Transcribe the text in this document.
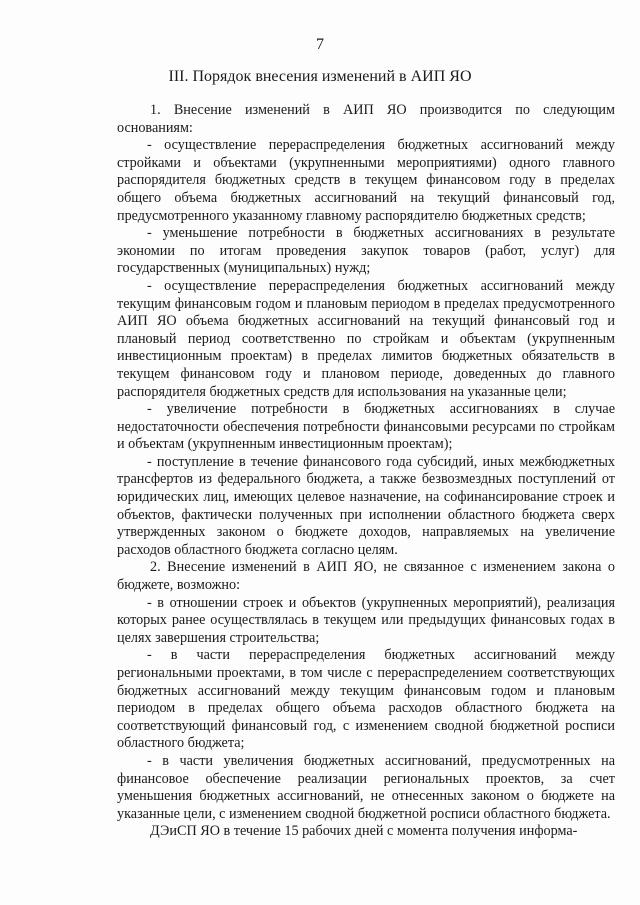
7
III. Порядок внесения изменений в АИП ЯО

1. Внесение изменений в АИП ЯО производится по следующим основаниям:

- осуществление перераспределения бюджетных ассигнований между стройками и объектами (укрупненными мероприятиями) одного главного распорядителя бюджетных средств в текущем финансовом году в пределах общего объема бюджетных ассигнований на текущий финансовый год, предусмотренного указанному главному распорядителю бюджетных средств;

- уменьшение потребности в бюджетных ассигнованиях в результате экономии по итогам проведения закупок товаров (работ, услуг) для государственных (муниципальных) нужд;

- осуществление перераспределения бюджетных ассигнований между текущим финансовым годом и плановым периодом в пределах предусмотренного АИП ЯО объема бюджетных ассигнований на текущий финансовый год и плановый период соответственно по стройкам и объектам (укрупненным инвестиционным проектам) в пределах лимитов бюджетных обязательств в текущем финансовом году и плановом периоде, доведенных до главного распорядителя бюджетных средств для использования на указанные цели;

- увеличение потребности в бюджетных ассигнованиях в случае недостаточности обеспечения потребности финансовыми ресурсами по стройкам и объектам (укрупненным инвестиционным проектам);

- поступление в течение финансового года субсидий, иных межбюджетных трансфертов из федерального бюджета, а также безвозмездных поступлений от юридических лиц, имеющих целевое назначение, на софинансирование строек и объектов, фактически полученных при исполнении областного бюджета сверх утвержденных законом о бюджете доходов, направляемых на увеличение расходов областного бюджета согласно целям.

2. Внесение изменений в АИП ЯО, не связанное с изменением закона о бюджете, возможно:

- в отношении строек и объектов (укрупненных мероприятий), реализация которых ранее осуществлялась в текущем или предыдущих финансовых годах в целях завершения строительства;

- в части перераспределения бюджетных ассигнований между региональными проектами, в том числе с перераспределением соответствующих бюджетных ассигнований между текущим финансовым годом и плановым периодом в пределах общего объема расходов областного бюджета на соответствующий финансовый год, с изменением сводной бюджетной росписи областного бюджета;

- в части увеличения бюджетных ассигнований, предусмотренных на финансовое обеспечение реализации региональных проектов, за счет уменьшения бюджетных ассигнований, не отнесенных законом о бюджете на указанные цели, с изменением сводной бюджетной росписи областного бюджета.

ДЭиСП ЯО в течение 15 рабочих дней с момента получения информа-
